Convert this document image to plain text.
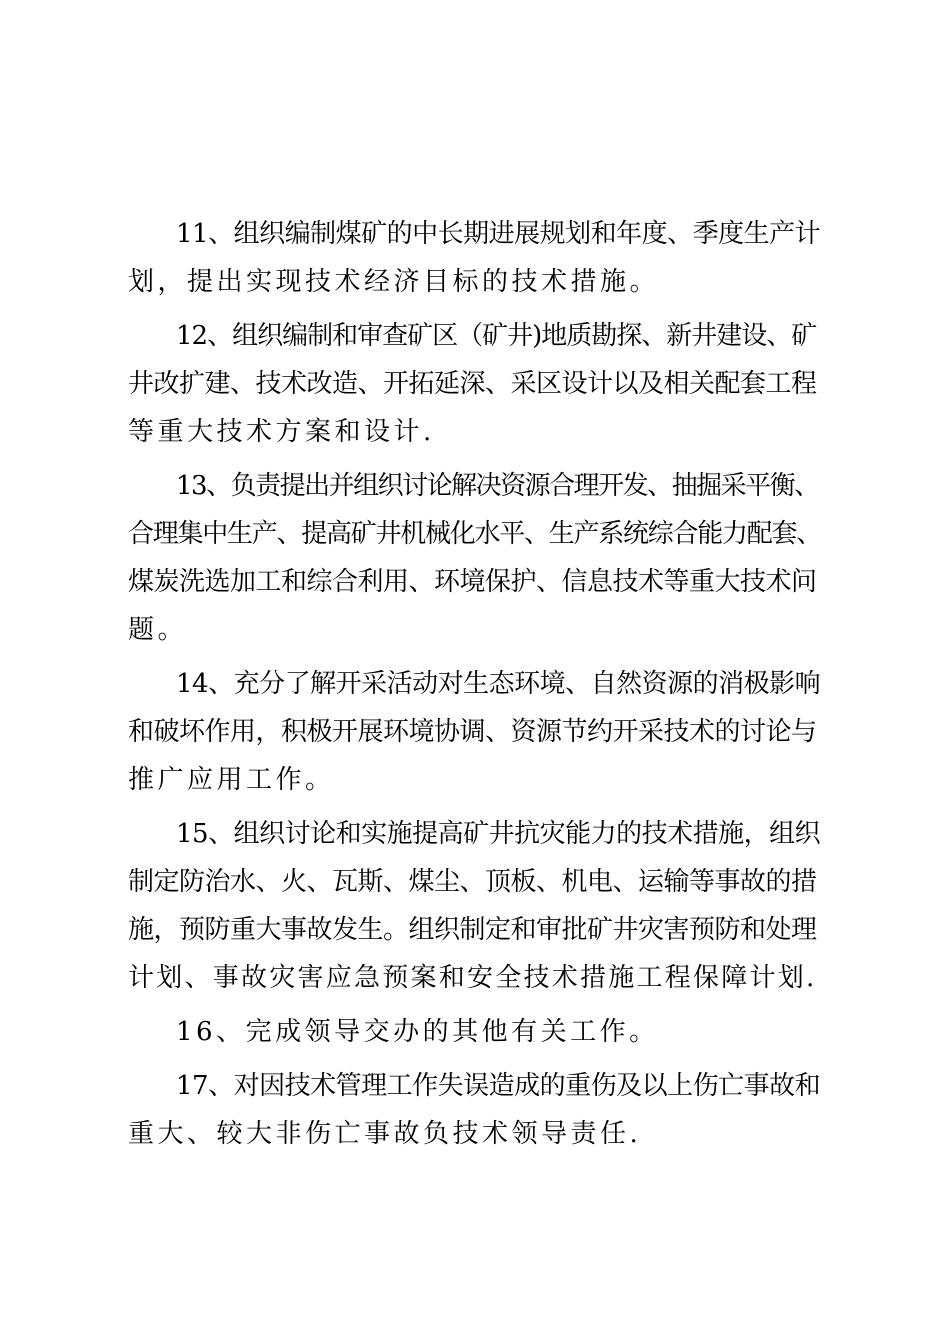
11、组织编制煤矿的中长期进展规划和年度、季度生产计
划，提出实现技术经济目标的技术措施。
12、组织编制和审查矿区（矿井)地质勘探、新井建设、矿
井改扩建、技术改造、开拓延深、采区设计以及相关配套工程
等重大技术方案和设计.
13、负责提出并组织讨论解决资源合理开发、抽掘采平衡、
合理集中生产、提高矿井机械化水平、生产系统综合能力配套、
煤炭洗选加工和综合利用、环境保护、信息技术等重大技术问
题。
14、充分了解开采活动对生态环境、自然资源的消极影响
和破坏作用，积极开展环境协调、资源节约开采技术的讨论与
推广应用工作。
15、组织讨论和实施提高矿井抗灾能力的技术措施，组织
制定防治水、火、瓦斯、煤尘、顶板、机电、运输等事故的措
施，预防重大事故发生。组织制定和审批矿井灾害预防和处理
计划、事故灾害应急预案和安全技术措施工程保障计划.
16、完成领导交办的其他有关工作。
17、对因技术管理工作失误造成的重伤及以上伤亡事故和
重大、较大非伤亡事故负技术领导责任.
